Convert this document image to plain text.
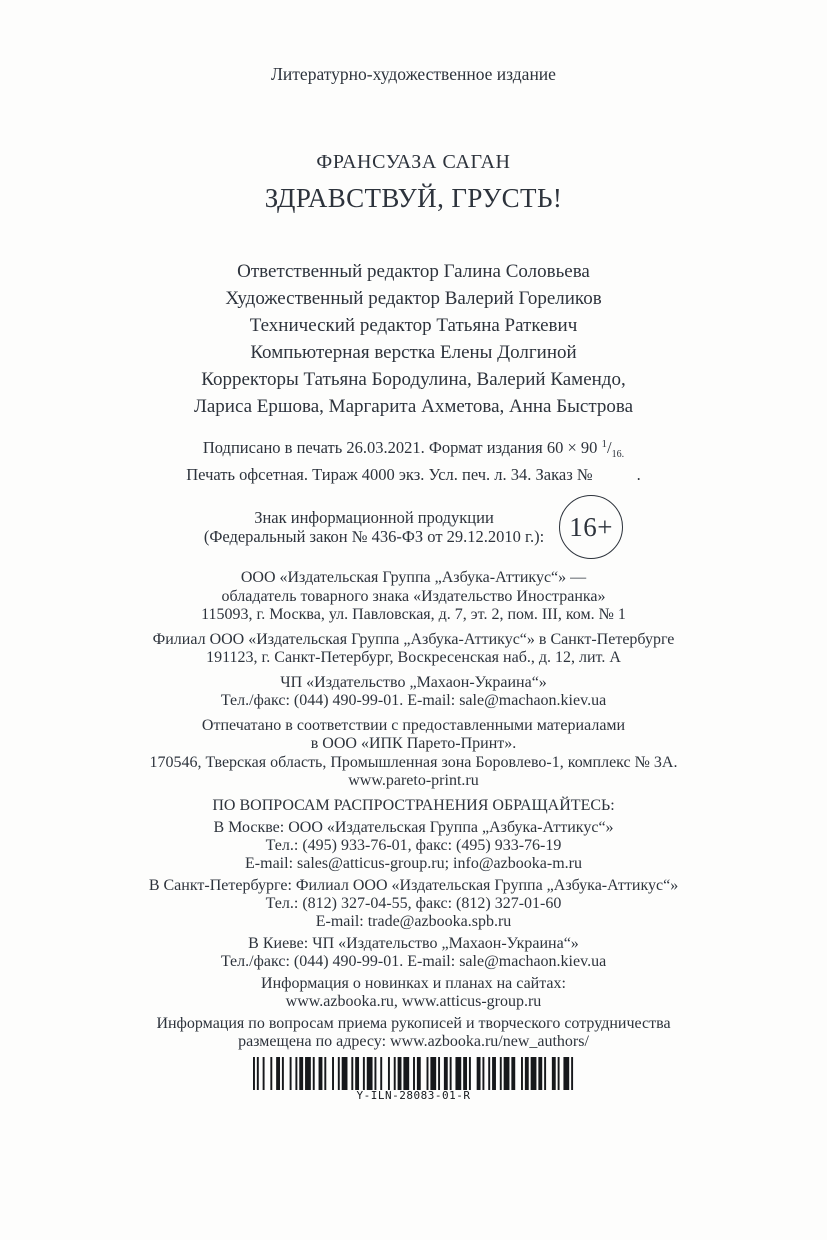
Литературно-художественное издание
ФРАНСУАЗА САГАН
ЗДРАВСТВУЙ, ГРУСТЬ!
Ответственный редактор Галина Соловьева
Художественный редактор Валерий Гореликов
Технический редактор Татьяна Раткевич
Компьютерная верстка Елены Долгиной
Корректоры Татьяна Бородулина, Валерий Камендо,
Лариса Ершова, Маргарита Ахметова, Анна Быстрова
Подписано в печать 26.03.2021. Формат издания 60 × 90 $^1/_{16.}$
Печать офсетная. Тираж 4000 экз. Усл. печ. л. 34. Заказ №	.
Знак информационной продукции
(Федеральный закон № 436-ФЗ от 29.12.2010 г.): 16+
ООО «Издательская Группа „Азбука-Аттикус“» —
обладатель товарного знака «Издательство Иностранка»
115093, г. Москва, ул. Павловская, д. 7, эт. 2, пом. III, ком. № 1
Филиал ООО «Издательская Группа „Азбука-Аттикус“» в Санкт-Петербурге
191123, г. Санкт-Петербург, Воскресенская наб., д. 12, лит. А
ЧП «Издательство „Махаон-Украина“»
Тел./факс: (044) 490-99-01. E-mail: sale@machaon.kiev.ua
Отпечатано в соответствии с предоставленными материалами
в ООО «ИПК Парето-Принт».
170546, Тверская область, Промышленная зона Боровлево-1, комплекс № 3А.
www.pareto-print.ru
ПО ВОПРОСАМ РАСПРОСТРАНЕНИЯ ОБРАЩАЙТЕСЬ:
В Москве: ООО «Издательская Группа „Азбука-Аттикус“»
Тел.: (495) 933-76-01, факс: (495) 933-76-19
E-mail: sales@atticus-group.ru; info@azbooka-m.ru
В Санкт-Петербурге: Филиал ООО «Издательская Группа „Азбука-Аттикус“»
Тел.: (812) 327-04-55, факс: (812) 327-01-60
E-mail: trade@azbooka.spb.ru
В Киеве: ЧП «Издательство „Махаон-Украина“»
Тел./факс: (044) 490-99-01. E-mail: sale@machaon.kiev.ua
Информация о новинках и планах на сайтах:
www.azbooka.ru, www.atticus-group.ru
Информация по вопросам приема рукописей и творческого сотрудничества
размещена по адресу: www.azbooka.ru/new_authors/
Y-ILN-28083-01-R
